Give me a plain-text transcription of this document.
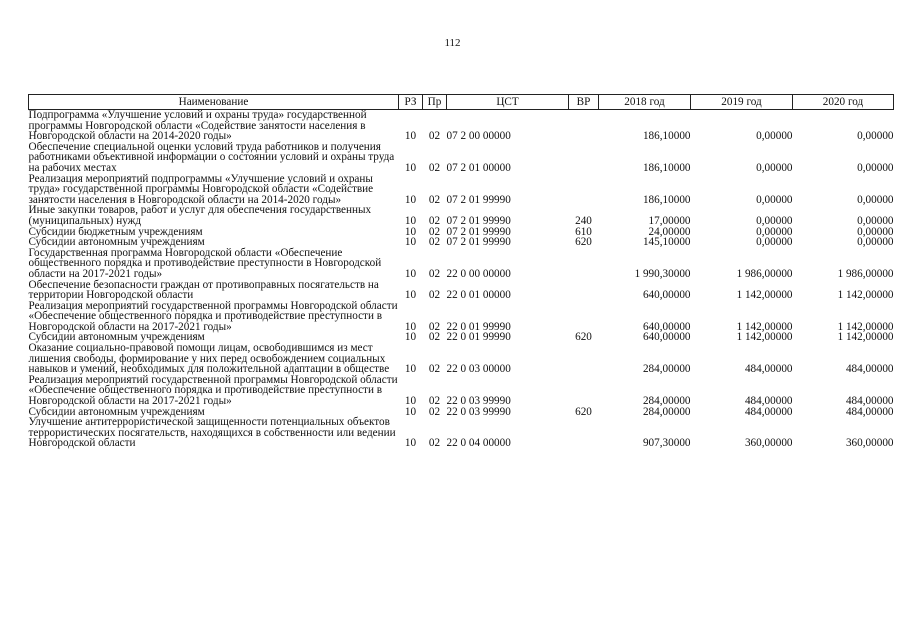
112
Наименование	РЗ	Пр	ЦСТ	ВР	2018 год	2019 год	2020 год
Подпрограмма «Улучшение условий и охраны труда» государственной программы Новгородской области «Содействие занятости населения в Новгородской области на 2014-2020 годы»	10	02	07 2 00 00000		186,10000	0,00000	0,00000
Обеспечение специальной оценки условий труда работников и получения работниками объективной информации о состоянии условий и охраны труда на рабочих местах	10	02	07 2 01 00000		186,10000	0,00000	0,00000
Реализация мероприятий подпрограммы «Улучшение условий и охраны труда» государственной программы Новгородской области «Содействие занятости населения в Новгородской области на 2014-2020 годы»	10	02	07 2 01 99990		186,10000	0,00000	0,00000
Иные закупки товаров, работ и услуг для обеспечения государственных (муниципальных) нужд	10	02	07 2 01 99990	240	17,00000	0,00000	0,00000
Субсидии бюджетным учреждениям	10	02	07 2 01 99990	610	24,00000	0,00000	0,00000
Субсидии автономным учреждениям	10	02	07 2 01 99990	620	145,10000	0,00000	0,00000
Государственная программа Новгородской области «Обеспечение общественного порядка и противодействие преступности в Новгородской области на 2017-2021 годы»	10	02	22 0 00 00000		1 990,30000	1 986,00000	1 986,00000
Обеспечение безопасности граждан от противоправных посягательств на территории Новгородской области	10	02	22 0 01 00000		640,00000	1 142,00000	1 142,00000
Реализация мероприятий государственной программы Новгородской области «Обеспечение общественного порядка и противодействие преступности в Новгородской области на 2017-2021 годы»	10	02	22 0 01 99990		640,00000	1 142,00000	1 142,00000
Субсидии автономным учреждениям	10	02	22 0 01 99990	620	640,00000	1 142,00000	1 142,00000
Оказание социально-правовой помощи лицам, освободившимся из мест лишения свободы, формирование у них перед освобождением социальных навыков и умений, необходимых для положительной адаптации в обществе	10	02	22 0 03 00000		284,00000	484,00000	484,00000
Реализация мероприятий государственной программы Новгородской области «Обеспечение общественного порядка и противодействие преступности в Новгородской области на 2017-2021 годы»	10	02	22 0 03 99990		284,00000	484,00000	484,00000
Субсидии автономным учреждениям	10	02	22 0 03 99990	620	284,00000	484,00000	484,00000
Улучшение антитеррористической защищенности потенциальных объектов террористических посягательств, находящихся в собственности или ведении Новгородской области	10	02	22 0 04 00000		907,30000	360,00000	360,00000
